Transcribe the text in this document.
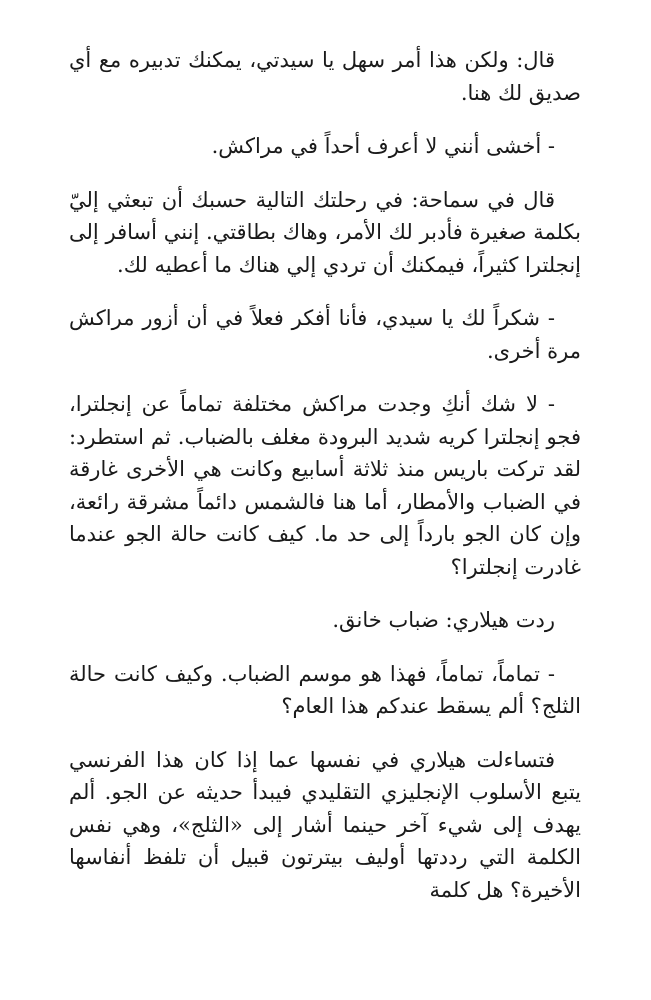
قال: ولكن هذا أمر سهل يا سيدتي، يمكنك تدبيره مع أي صديق لك هنا.

- أخشى أنني لا أعرف أحداً في مراكش.

قال في سماحة: في رحلتك التالية حسبك أن تبعثي إليّ بكلمة صغيرة فأدبر لك الأمر، وهاك بطاقتي. إنني أسافر إلى إنجلترا كثيراً، فيمكنك أن تردي إلي هناك ما أعطيه لك.

- شكراً لك يا سيدي، فأنا أفكر فعلاً في أن أزور مراكش مرة أخرى.

- لا شك أنكِ وجدت مراكش مختلفة تماماً عن إنجلترا، فجو إنجلترا كريه شديد البرودة مغلف بالضباب. ثم استطرد: لقد تركت باريس منذ ثلاثة أسابيع وكانت هي الأخرى غارقة في الضباب والأمطار، أما هنا فالشمس دائماً مشرقة رائعة، وإن كان الجو بارداً إلى حد ما. كيف كانت حالة الجو عندما غادرت إنجلترا؟

ردت هيلاري: ضباب خانق.

- تماماً، تماماً، فهذا هو موسم الضباب. وكيف كانت حالة الثلج؟ ألم يسقط عندكم هذا العام؟

فتساءلت هيلاري في نفسها عما إذا كان هذا الفرنسي يتبع الأسلوب الإنجليزي التقليدي فيبدأ حديثه عن الجو. ألم يهدف إلى شيء آخر حينما أشار إلى «الثلج»، وهي نفس الكلمة التي رددتها أوليف بيترتون قبيل أن تلفظ أنفاسها الأخيرة؟ هل كلمة
